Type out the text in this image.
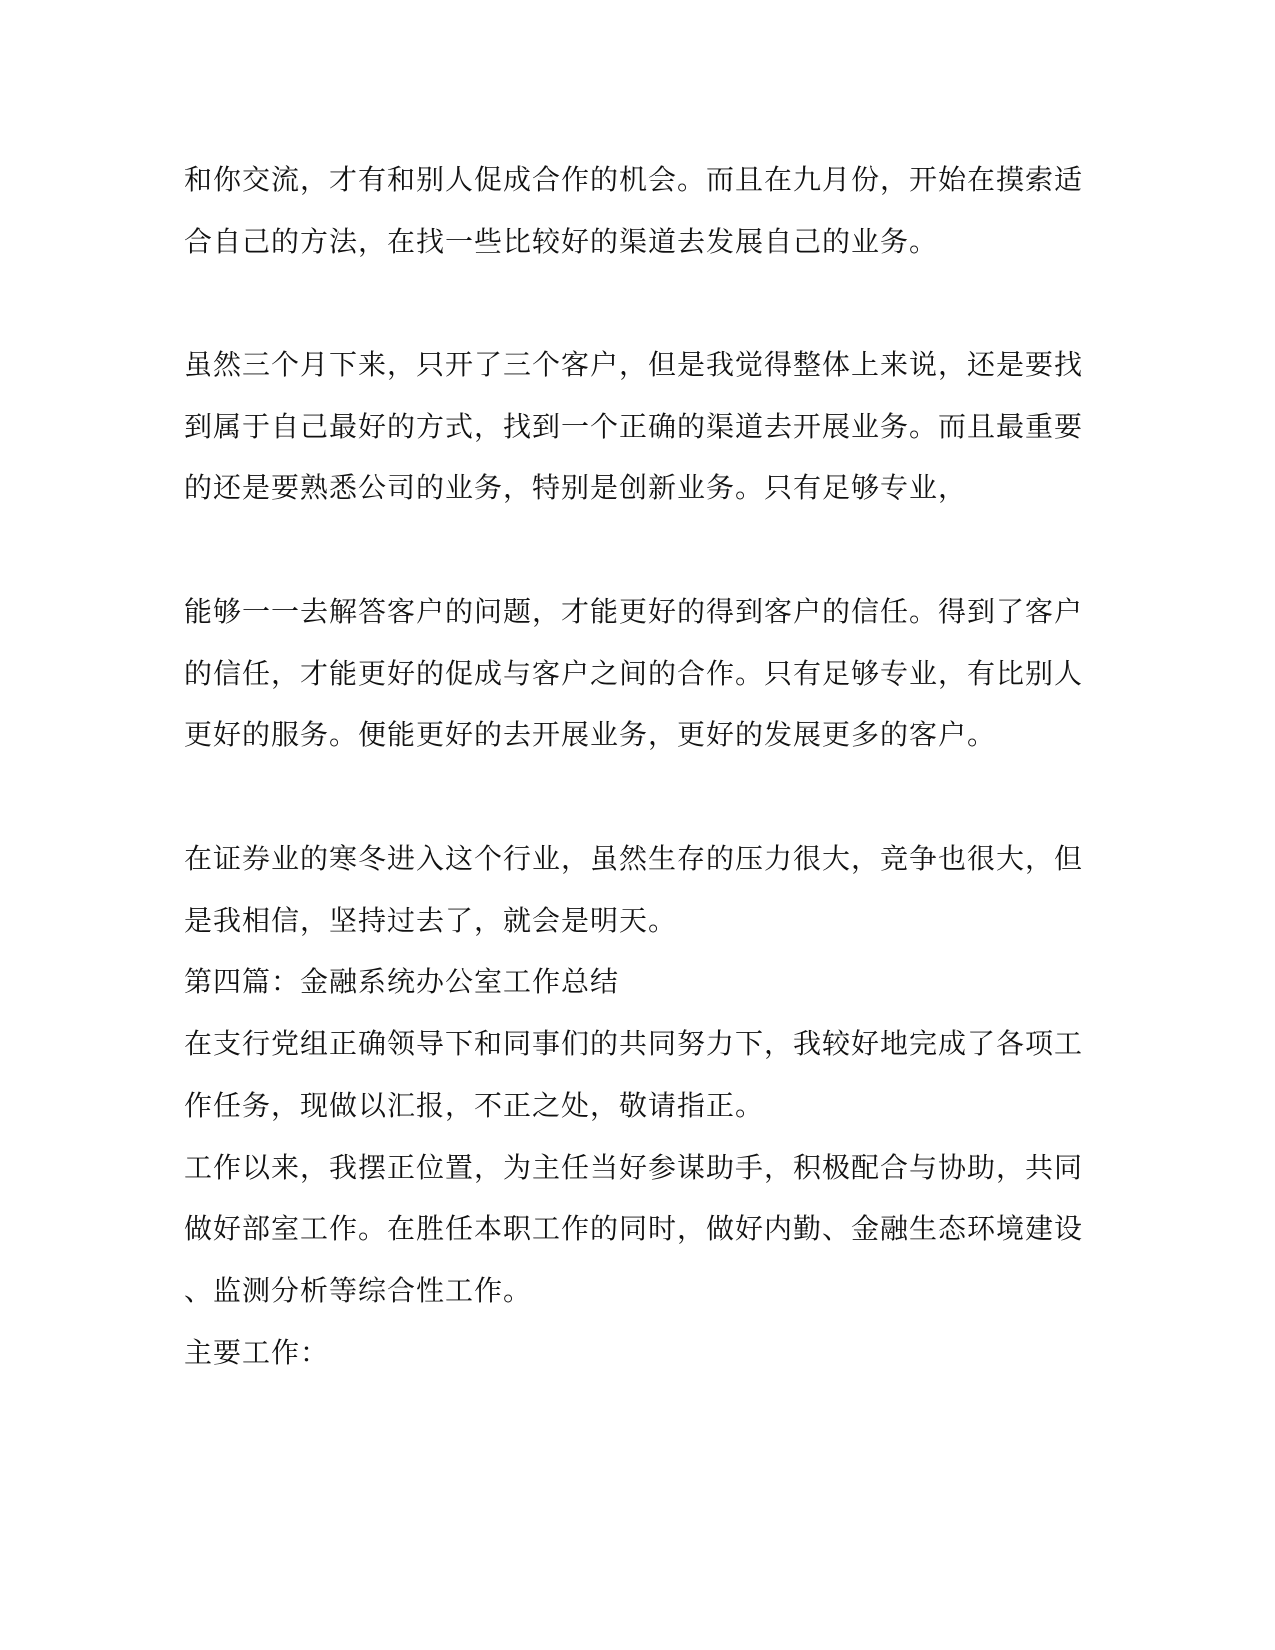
和你交流，才有和别人促成合作的机会。而且在九月份，开始在摸索适
合自己的方法，在找一些比较好的渠道去发展自己的业务。
虽然三个月下来，只开了三个客户，但是我觉得整体上来说，还是要找
到属于自己最好的方式，找到一个正确的渠道去开展业务。而且最重要
的还是要熟悉公司的业务，特别是创新业务。只有足够专业，
能够一一去解答客户的问题，才能更好的得到客户的信任。得到了客户
的信任，才能更好的促成与客户之间的合作。只有足够专业，有比别人
更好的服务。便能更好的去开展业务，更好的发展更多的客户。
在证券业的寒冬进入这个行业，虽然生存的压力很大，竞争也很大，但
是我相信，坚持过去了，就会是明天。
第四篇：金融系统办公室工作总结
在支行党组正确领导下和同事们的共同努力下，我较好地完成了各项工
作任务，现做以汇报，不正之处，敬请指正。
工作以来，我摆正位置，为主任当好参谋助手，积极配合与协助，共同
做好部室工作。在胜任本职工作的同时，做好内勤、金融生态环境建设
、监测分析等综合性工作。
主要工作：
